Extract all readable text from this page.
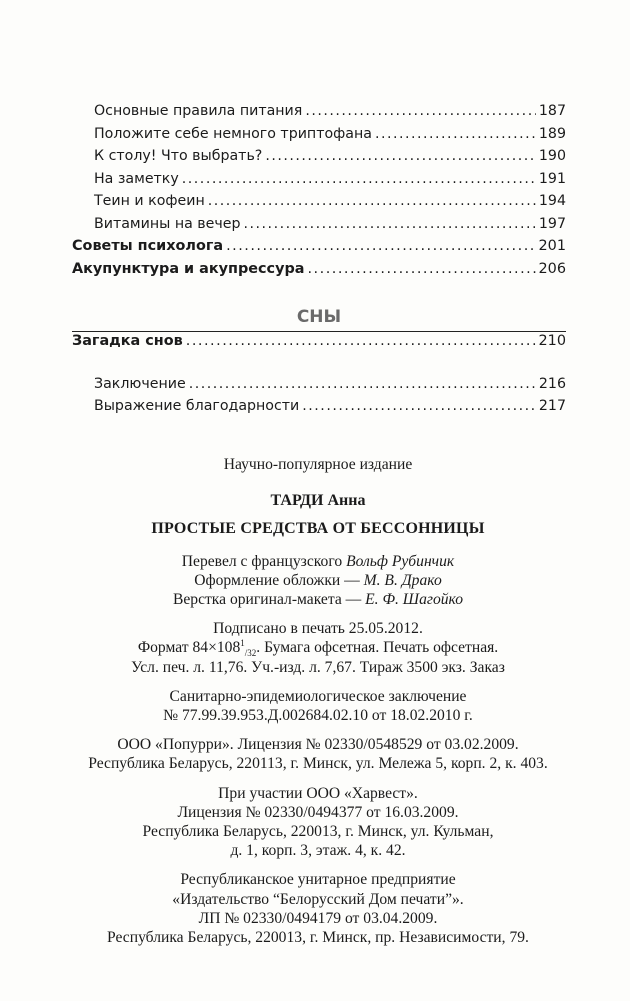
Основные правила питания .....	187
Положите себе немного триптофана .....	189
К столу! Что выбрать? .....	190
На заметку .....	191
Теин и кофеин .....	194
Витамины на вечер .....	197
Советы психолога .....	201
Акупунктура и акупрессура .....	206
СНЫ
Загадка снов .....	210
Заключение .....	216
Выражение благодарности .....	217

Научно-популярное издание

ТАРДИ Анна

ПРОСТЫЕ СРЕДСТВА ОТ БЕССОННИЦЫ

Перевел с французского Вольф Рубинчик

Оформление обложки — М. В. Драко

Верстка оригинал-макета — Е. Ф. Шагойко

Подписано в печать 25.05.2012.

Формат $84\times 108^1_{/32}$. Бумага офсетная. Печать офсетная.

Усл. печ. л. 11,76. Уч.-изд. л. 7,67. Тираж 3500 экз. Заказ

Санитарно-эпидемиологическое заключение

№ 77.99.39.953.Д.002684.02.10 от 18.02.2010 г.

ООО «Попурри». Лицензия № 02330/0548529 от 03.02.2009.

Республика Беларусь, 220113, г. Минск, ул. Мележа 5, корп. 2, к. 403.

При участии ООО «Харвест».

Лицензия № 02330/0494377 от 16.03.2009.

Республика Беларусь, 220013, г. Минск, ул. Кульман,

д. 1, корп. 3, этаж. 4, к. 42.

Республиканское унитарное предприятие

«Издательство “Белорусский Дом печати”».

ЛП № 02330/0494179 от 03.04.2009.

Республика Беларусь, 220013, г. Минск, пр. Независимости, 79.
